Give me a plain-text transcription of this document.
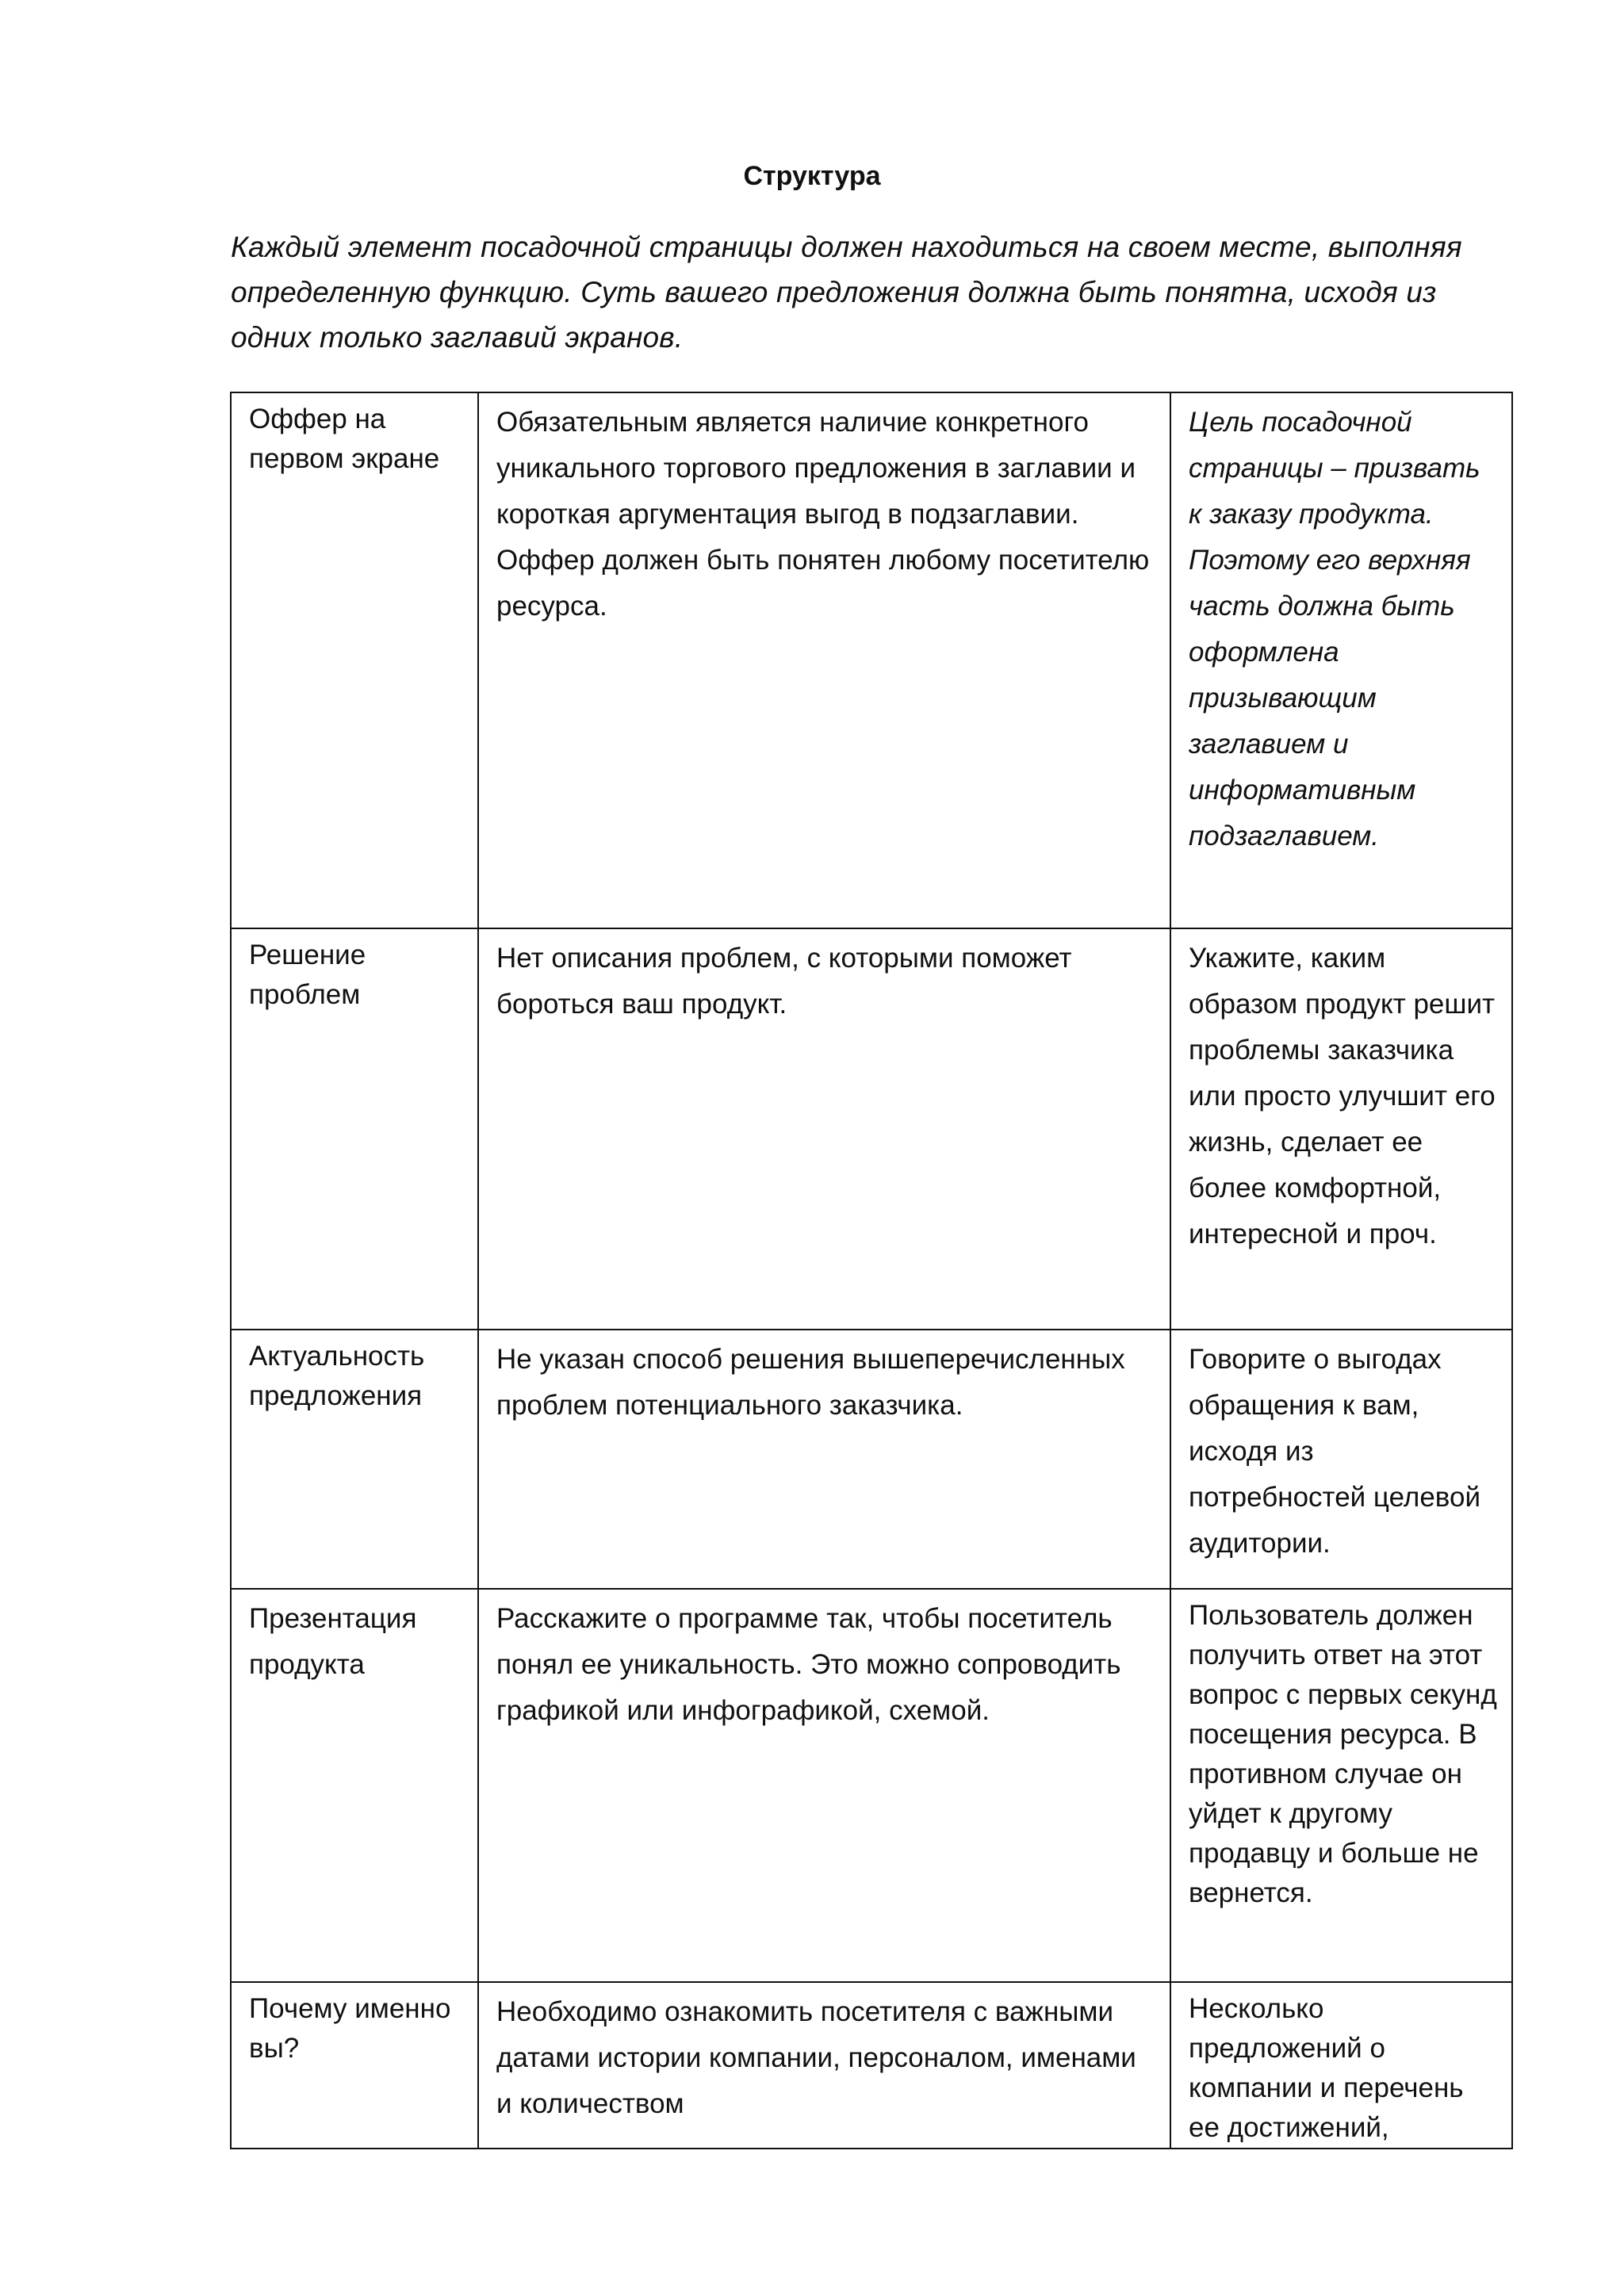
Структура
Каждый элемент посадочной страницы должен находиться на своем месте, выполняя определенную функцию. Суть вашего предложения должна быть понятна, исходя из одних только заглавий экранов.
Оффер на первом экране	Обязательным является наличие конкретного уникального торгового предложения в заглавии и короткая аргументация выгод в подзаглавии. Оффер должен быть понятен любому посетителю ресурса.	Цель посадочной страницы – призвать к заказу продукта. Поэтому его верхняя часть должна быть оформлена призывающим заглавием и информативным подзаглавием.

Решение проблем	Нет описания проблем, с которыми поможет бороться ваш продукт.	Укажите, каким образом продукт решит проблемы заказчика или просто улучшит его жизнь, сделает ее более комфортной, интересной и проч.

Актуальность предложения	Не указан способ решения вышеперечисленных проблем потенциального заказчика.	Говорите о выгодах обращения к вам, исходя из потребностей целевой аудитории.

Презентация продукта	Расскажите о программе так, чтобы посетитель понял ее уникальность. Это можно сопроводить графикой или инфографикой, схемой.	Пользователь должен получить ответ на этот вопрос с первых секунд посещения ресурса. В противном случае он уйдет к другому продавцу и больше не вернется.

Почему именно вы?	Необходимо ознакомить посетителя с важными датами истории компании, персоналом, именами и количеством	Несколько предложений о компании и перечень ее достижений,
